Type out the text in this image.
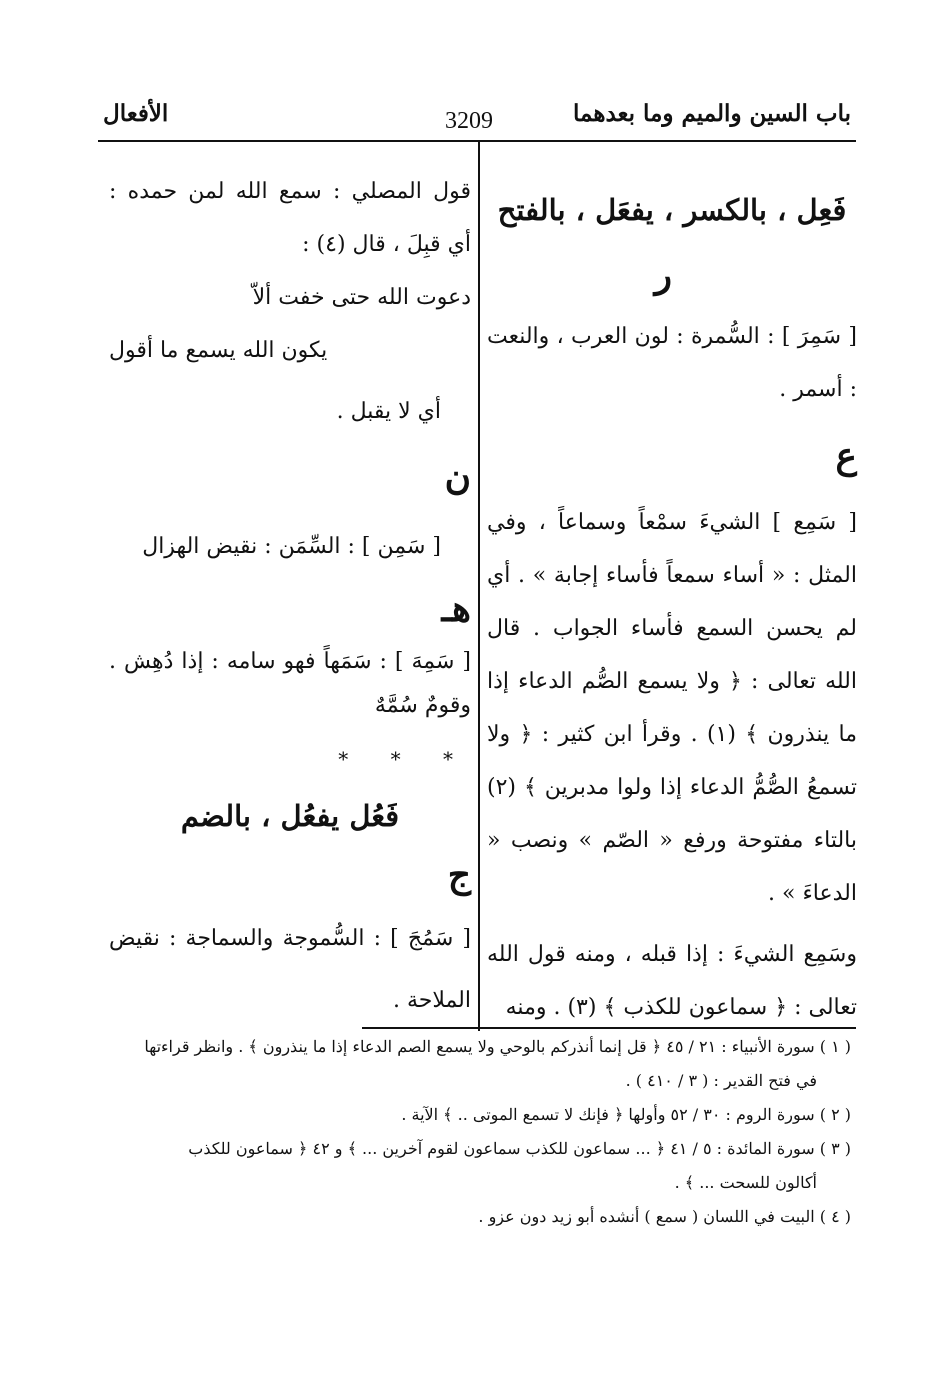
باب السين والميم وما بعدهما
3209
الأفعال

فَعِل ، بالكسر ، يفعَل ، بالفتح

ر

[ سَمِرَ ] : السُّمرة : لون العرب ، والنعت : أسمر .

ع

[ سَمِع ] الشيءَ سمْعاً وسماعاً ، وفي المثل : « أساء سمعاً فأساء إجابة » . أي لم يحسن السمع فأساء الجواب . قال الله تعالى : ﴿ ولا يسمع الصُّم الدعاء إذا ما ينذرون ﴾ (١) . وقرأ ابن كثير : ﴿ ولا تسمعُ الصُّمُّ الدعاء إذا ولوا مدبرين ﴾ (٢) بالتاء مفتوحة ورفع « الصّم » ونصب « الدعاءَ » .

وسَمِع الشيءَ : إذا قبله ، ومنه قول الله تعالى : ﴿ سماعون للكذب ﴾ (٣) . ومنه

قول المصلي : سمع الله لمن حمده : أي قبِلَ ، قال (٤) :

دعوت الله حتى خفت ألاّ

يكون الله يسمع ما أقول

أي لا يقبل .

ن

[ سَمِن ] : السِّمَن : نقيض الهزال

هـ

[ سَمِهَ ] : سَمَهاً فهو سامه : إذا دُهِش . وقومٌ سُمَّهٌ

* * *

فَعُل يفعُل ، بالضم

ج

[ سَمُجَ ] : السُّموجة والسماجة : نقيض الملاحة .

( ١ ) سورة الأنبياء : ٢١ / ٤٥ ﴿ قل إنما أنذركم بالوحي ولا يسمع الصم الدعاء إذا ما ينذرون ﴾ . وانظر قراءتها

في فتح القدير : ( ٣ / ٤١٠ ) .

( ٢ ) سورة الروم : ٣٠ / ٥٢ وأولها ﴿ فإنك لا تسمع الموتى .. ﴾ الآية .

( ٣ ) سورة المائدة : ٥ / ٤١ ﴿ ... سماعون للكذب سماعون لقوم آخرين ... ﴾ و ٤٢ ﴿ سماعون للكذب

أكالون للسحت ... ﴾ .

( ٤ ) البيت في اللسان ( سمع ) أنشده أبو زيد دون عزو .
